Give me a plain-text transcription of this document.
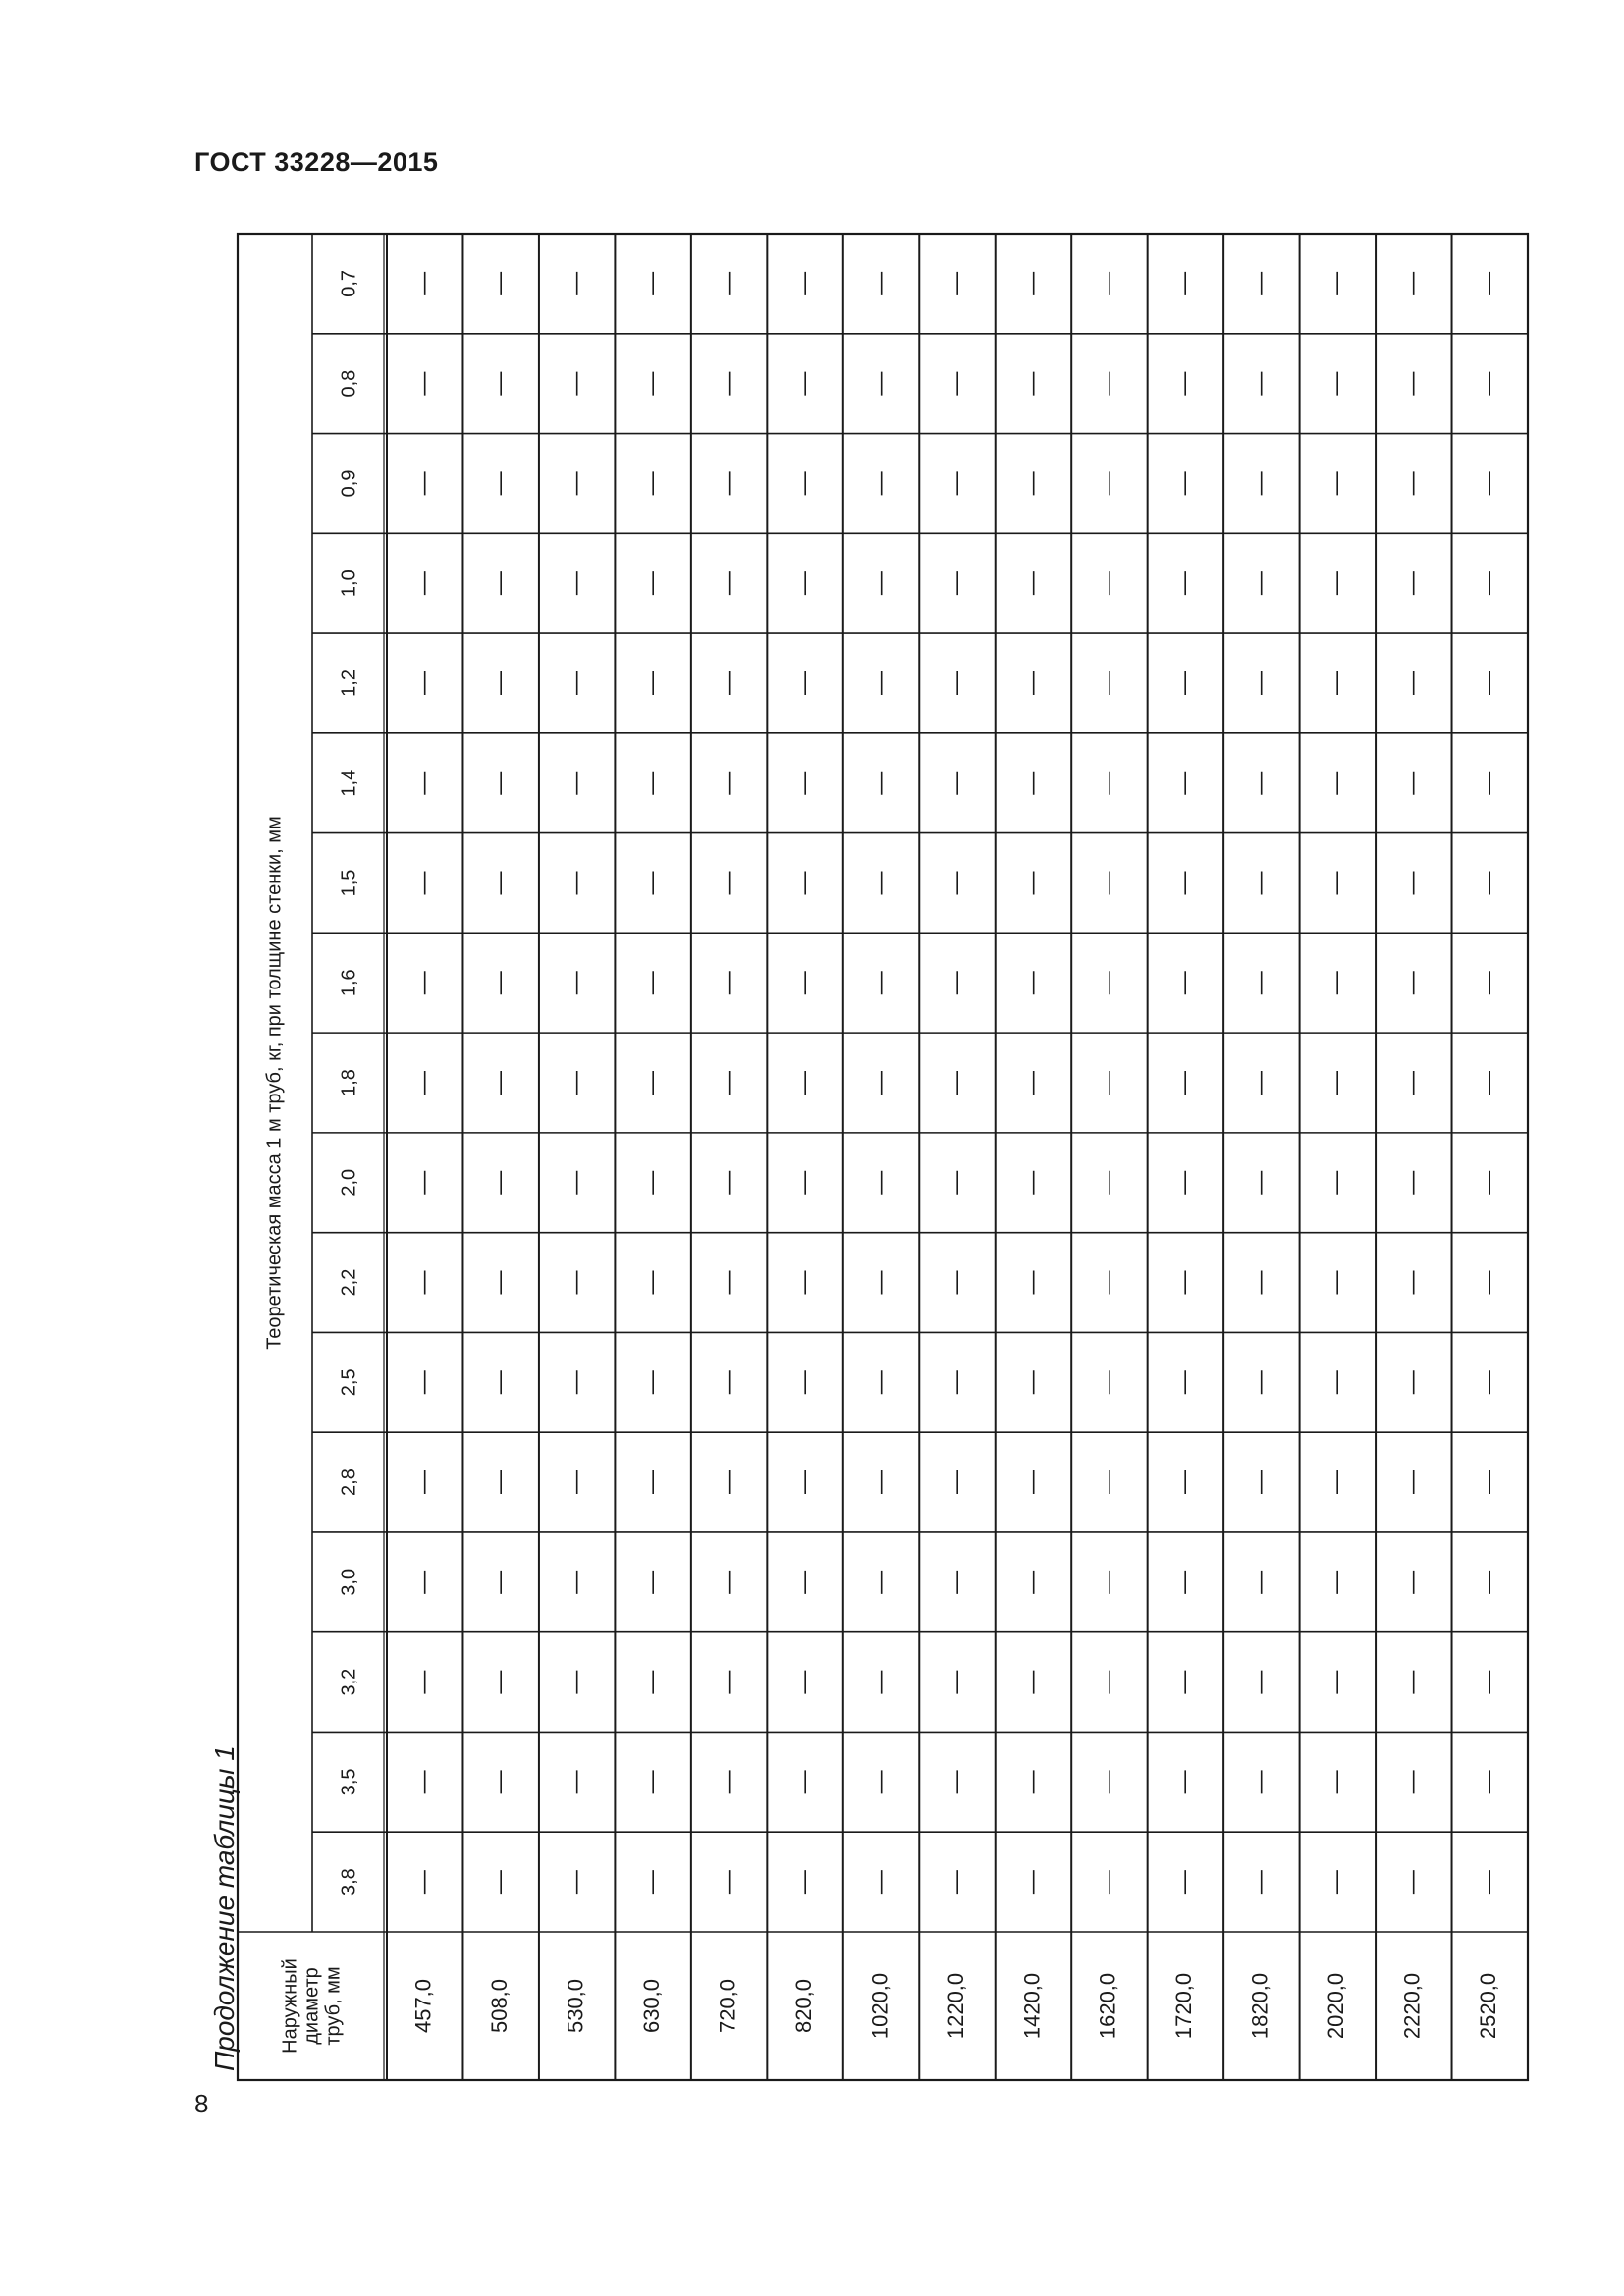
ГОСТ 33228—2015
Продолжение таблицы 1
8
Теоретическая масса 1 м труб, кг, при толщине стенки, мм
Наружный диаметр труб, мм
0,7
0,8
0,9
1,0
1,2
1,4
1,5
1,6
1,8
2,0
2,2
2,5
2,8
3,0
3,2
3,5
3,8
457,0
—
—
—
—
—
—
—
—
—
—
—
—
—
—
—
—
—
508,0
—
—
—
—
—
—
—
—
—
—
—
—
—
—
—
—
—
530,0
—
—
—
—
—
—
—
—
—
—
—
—
—
—
—
—
—
630,0
—
—
—
—
—
—
—
—
—
—
—
—
—
—
—
—
—
720,0
—
—
—
—
—
—
—
—
—
—
—
—
—
—
—
—
—
820,0
—
—
—
—
—
—
—
—
—
—
—
—
—
—
—
—
—
1020,0
—
—
—
—
—
—
—
—
—
—
—
—
—
—
—
—
—
1220,0
—
—
—
—
—
—
—
—
—
—
—
—
—
—
—
—
—
1420,0
—
—
—
—
—
—
—
—
—
—
—
—
—
—
—
—
—
1620,0
—
—
—
—
—
—
—
—
—
—
—
—
—
—
—
—
—
1720,0
—
—
—
—
—
—
—
—
—
—
—
—
—
—
—
—
—
1820,0
—
—
—
—
—
—
—
—
—
—
—
—
—
—
—
—
—
2020,0
—
—
—
—
—
—
—
—
—
—
—
—
—
—
—
—
—
2220,0
—
—
—
—
—
—
—
—
—
—
—
—
—
—
—
—
—
2520,0
—
—
—
—
—
—
—
—
—
—
—
—
—
—
—
—
—
